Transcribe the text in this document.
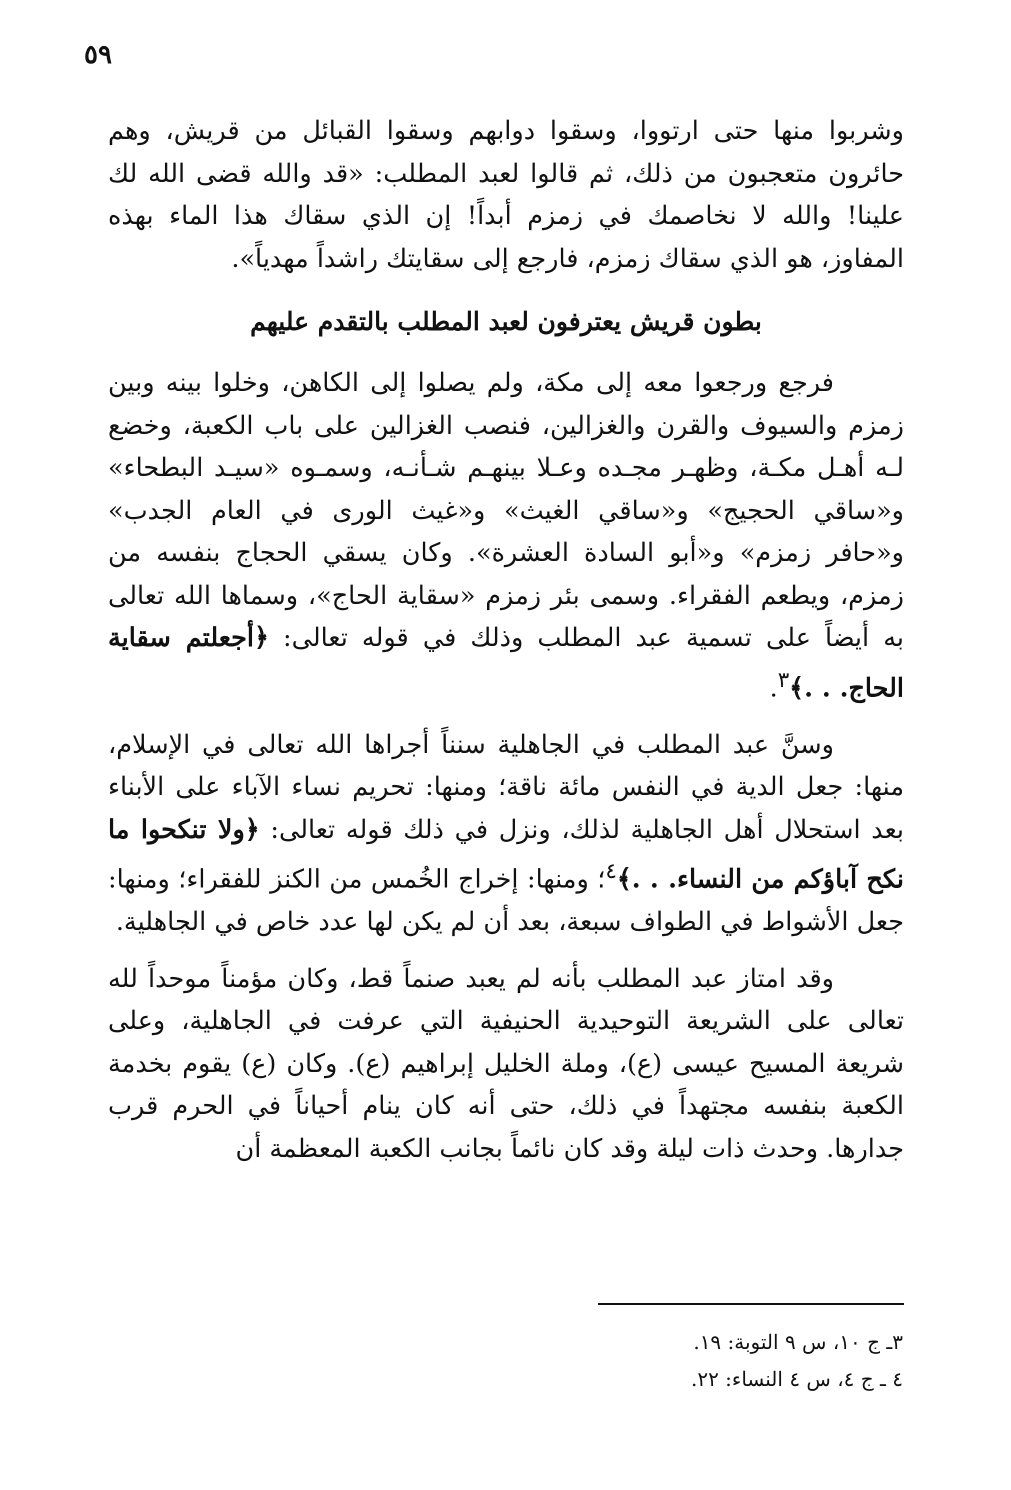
٥٩

وشربوا منها حتى ارتووا، وسقوا دوابهم وسقوا القبائل من قريش، وهم حائرون متعجبون من ذلك، ثم قالوا لعبد المطلب: «قد والله قضى الله لك علينا! والله لا نخاصمك في زمزم أبداً! إن الذي سقاك هذا الماء بهذه المفاوز، هو الذي سقاك زمزم، فارجع إلى سقايتك راشداً مهدياً».

بطون قريش يعترفون لعبد المطلب بالتقدم عليهم

فرجع ورجعوا معه إلى مكة، ولم يصلوا إلى الكاهن، وخلوا بينه وبين زمزم والسيوف والقرن والغزالين، فنصب الغزالين على باب الكعبة، وخضع لـه أهـل مكـة، وظهـر مجـده وعـلا بينهـم شـأنـه، وسمـوه «سيـد البطحاء» و«ساقي الحجيج» و«ساقي الغيث» و«غيث الورى في العام الجدب» و«حافر زمزم» و«أبو السادة العشرة». وكان يسقي الحجاج بنفسه من زمزم، ويطعم الفقراء. وسمى بئر زمزم «سقاية الحاج»، وسماها الله تعالى به أيضاً على تسمية عبد المطلب وذلك في قوله تعالى: ﴿أجعلتم سقاية الحاج. . .﴾$^٣$.

وسنَّ عبد المطلب في الجاهلية سنناً أجراها الله تعالى في الإسلام، منها: جعل الدية في النفس مائة ناقة؛ ومنها: تحريم نساء الآباء على الأبناء بعد استحلال أهل الجاهلية لذلك، ونزل في ذلك قوله تعالى: ﴿ولا تنكحوا ما نكح آباؤكم من النساء. . .﴾$^٤$؛ ومنها: إخراج الخُمس من الكنز للفقراء؛ ومنها: جعل الأشواط في الطواف سبعة، بعد أن لم يكن لها عدد خاص في الجاهلية.

وقد امتاز عبد المطلب بأنه لم يعبد صنماً قط، وكان مؤمناً موحداً لله تعالى على الشريعة التوحيدية الحنيفية التي عرفت في الجاهلية، وعلى شريعة المسيح عيسى (ع)، وملة الخليل إبراهيم (ع). وكان (ع) يقوم بخدمة الكعبة بنفسه مجتهداً في ذلك، حتى أنه كان ينام أحياناً في الحرم قرب جدارها. وحدث ذات ليلة وقد كان نائماً بجانب الكعبة المعظمة أن

٣ـ ج ١٠، س ٩ التوبة: ١٩.
٤ ـ ج ٤، س ٤ النساء: ٢٢.
